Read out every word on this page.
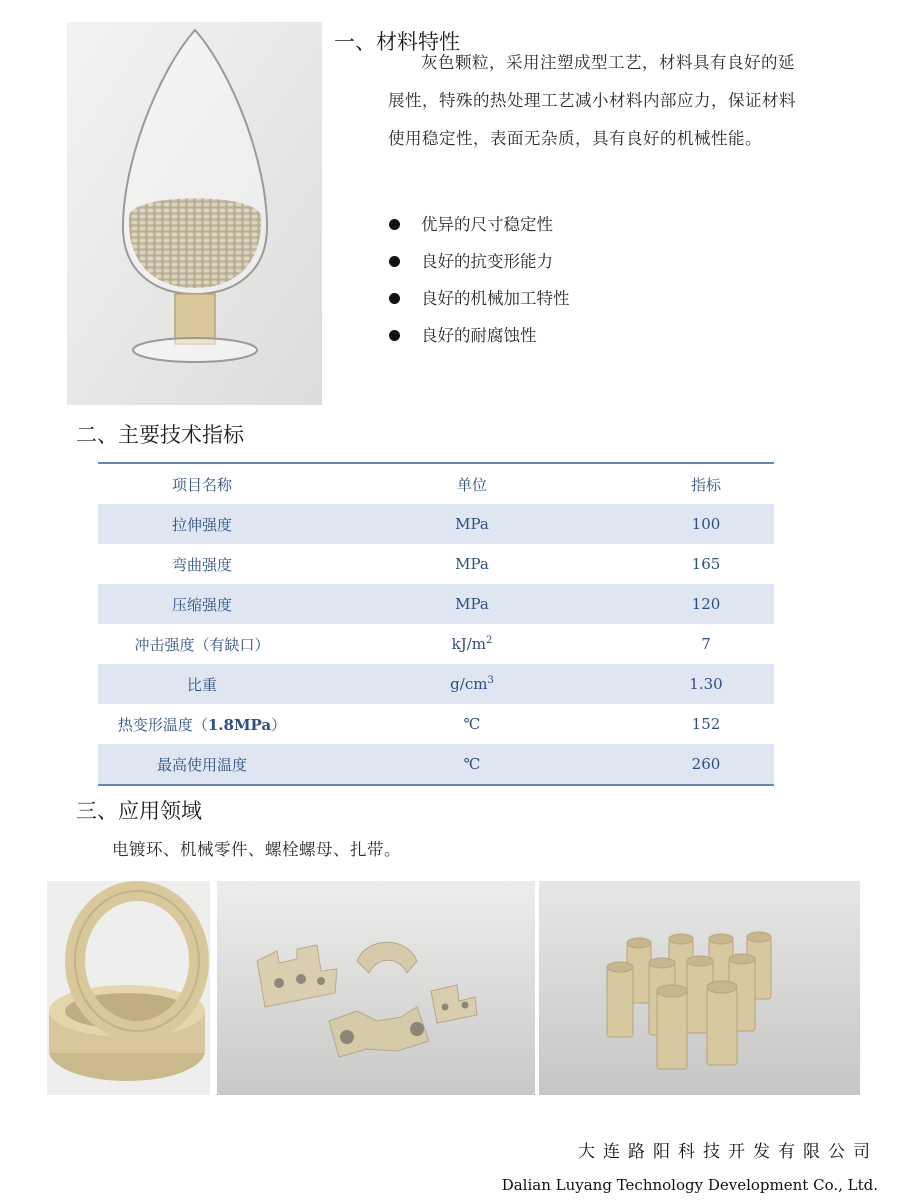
一、材料特性
灰色颗粒，采用注塑成型工艺，材料具有良好的延展性，特殊的热处理工艺减小材料内部应力，保证材料使用稳定性，表面无杂质，具有良好的机械性能。
优异的尺寸稳定性
良好的抗变形能力
良好的机械加工特性
良好的耐腐蚀性
二、主要技术指标
项目名称	单位	指标
拉伸强度	MPa	100
弯曲强度	MPa	165
压缩强度	MPa	120
冲击强度（有缺口）	$kJ/m^2$	7
比重	$g/cm^3$	1.30
热变形温度（1.8MPa）	℃	152
最高使用温度	℃	260
三、应用领域
电镀环、机械零件、螺栓螺母、扎带。
大连路阳科技开发有限公司
Dalian Luyang Technology Development Co., Ltd.
